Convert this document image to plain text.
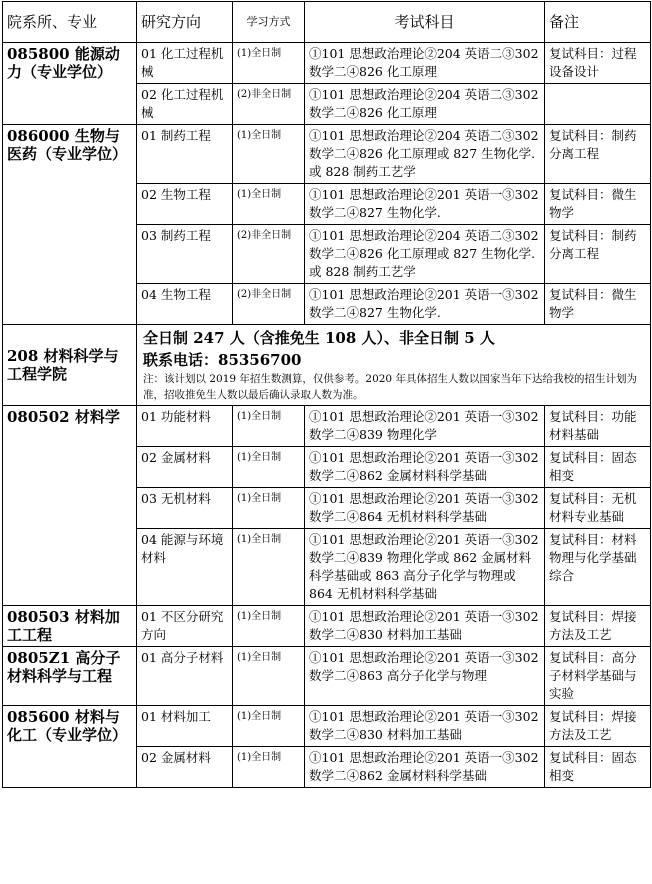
院系所、专业	研究方向	学习方式	考试科目	备注
085800 能源动力（专业学位）	01 化工过程机械	(1)全日制	①101 思想政治理论②204 英语二③302 数学二④826 化工原理	复试科目：过程设备设计
	02 化工过程机械	(2)非全日制	①101 思想政治理论②204 英语二③302 数学二④826 化工原理	
086000 生物与医药（专业学位）	01 制药工程	(1)全日制	①101 思想政治理论②204 英语二③302 数学二④826 化工原理或 827 生物化学.或 828 制药工艺学	复试科目：制药分离工程
	02 生物工程	(1)全日制	①101 思想政治理论②201 英语一③302 数学二④827 生物化学.	复试科目：微生物学
	03 制药工程	(2)非全日制	①101 思想政治理论②204 英语二③302 数学二④826 化工原理或 827 生物化学.或 828 制药工艺学	复试科目：制药分离工程
	04 生物工程	(2)非全日制	①101 思想政治理论②201 英语一③302 数学二④827 生物化学.	复试科目：微生物学
208 材料科学与工程学院	全日制 247 人（含推免生 108 人）、非全日制 5 人
联系电话：85356700
注：该计划以 2019 年招生数测算，仅供参考。2020 年具体招生人数以国家当年下达给我校的招生计划为准，招收推免生人数以最后确认录取人数为准。			

080502 材料学	01 功能材料	(1)全日制	①101 思想政治理论②201 英语一③302 数学二④839 物理化学	复试科目：功能材料基础
	02 金属材料	(1)全日制	①101 思想政治理论②201 英语一③302 数学二④862 金属材料科学基础	复试科目：固态相变
	03 无机材料	(1)全日制	①101 思想政治理论②201 英语一③302 数学二④864 无机材料科学基础	复试科目：无机材料专业基础
	04 能源与环境材料	(1)全日制	①101 思想政治理论②201 英语一③302 数学二④839 物理化学或 862 金属材料科学基础或 863 高分子化学与物理或 864 无机材料科学基础	复试科目：材料物理与化学基础综合
080503 材料加工工程	01 不区分研究方向	(1)全日制	①101 思想政治理论②201 英语一③302 数学二④830 材料加工基础	复试科目：焊接方法及工艺
0805Z1 高分子材料科学与工程	01 高分子材料	(1)全日制	①101 思想政治理论②201 英语一③302 数学二④863 高分子化学与物理	复试科目：高分子材料学基础与实验
085600 材料与化工（专业学位）	01 材料加工	(1)全日制	①101 思想政治理论②201 英语一③302 数学二④830 材料加工基础	复试科目：焊接方法及工艺
	02 金属材料	(1)全日制	①101 思想政治理论②201 英语一③302 数学二④862 金属材料科学基础	复试科目：固态相变
